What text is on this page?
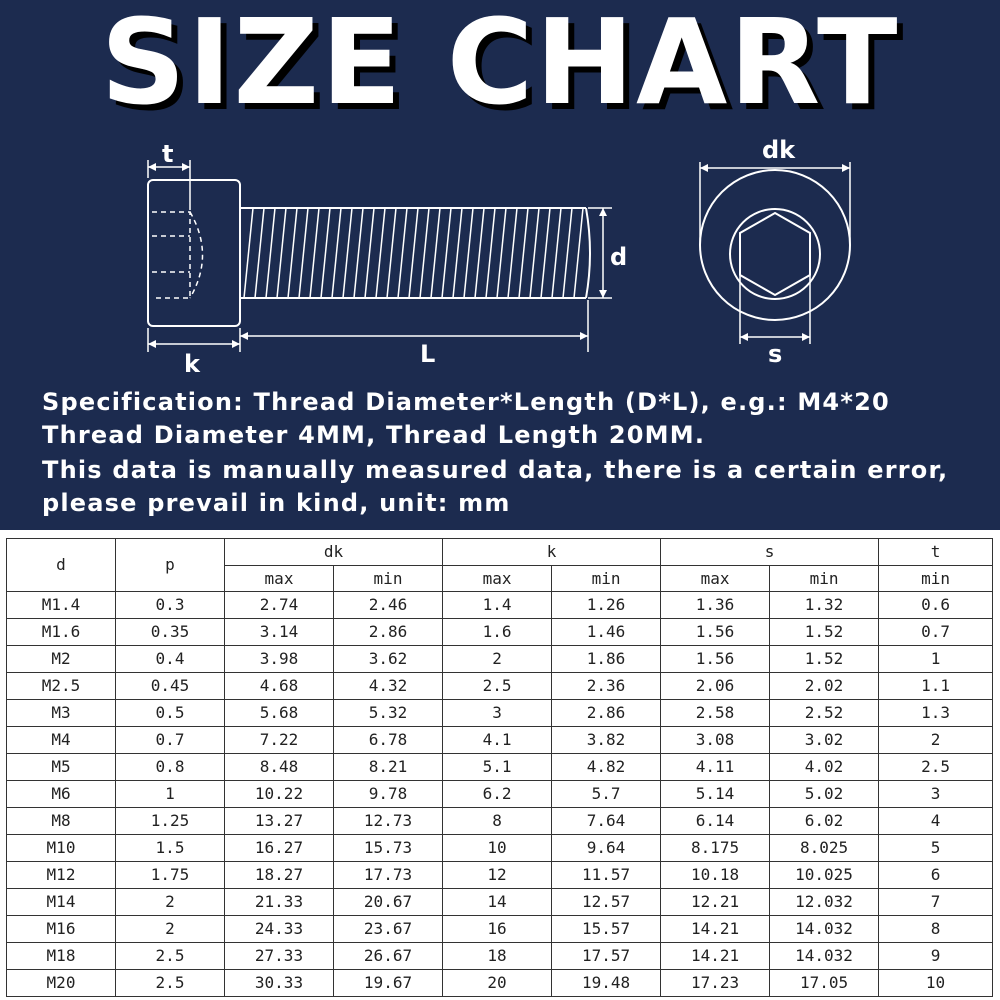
SIZE CHART
t
k	L
d
dk
s

Specification: Thread Diameter*Length (D*L), e.g.: M4*20 Thread Diameter 4MM, Thread Length 20MM.

This data is manually measured data, there is a certain error, please prevail in kind, unit: mm

d	p	dk		k		s		t
		max	min	max	min	max	min	min
M1.4	0.3	2.74	2.46	1.4	1.26	1.36	1.32	0.6
M1.6	0.35	3.14	2.86	1.6	1.46	1.56	1.52	0.7
M2	0.4	3.98	3.62	2	1.86	1.56	1.52	1
M2.5	0.45	4.68	4.32	2.5	2.36	2.06	2.02	1.1
M3	0.5	5.68	5.32	3	2.86	2.58	2.52	1.3
M4	0.7	7.22	6.78	4.1	3.82	3.08	3.02	2
M5	0.8	8.48	8.21	5.1	4.82	4.11	4.02	2.5
M6	1	10.22	9.78	6.2	5.7	5.14	5.02	3
M8	1.25	13.27	12.73	8	7.64	6.14	6.02	4
M10	1.5	16.27	15.73	10	9.64	8.175	8.025	5
M12	1.75	18.27	17.73	12	11.57	10.18	10.025	6
M14	2	21.33	20.67	14	12.57	12.21	12.032	7
M16	2	24.33	23.67	16	15.57	14.21	14.032	8
M18	2.5	27.33	26.67	18	17.57	14.21	14.032	9
M20	2.5	30.33	19.67	20	19.48	17.23	17.05	10
